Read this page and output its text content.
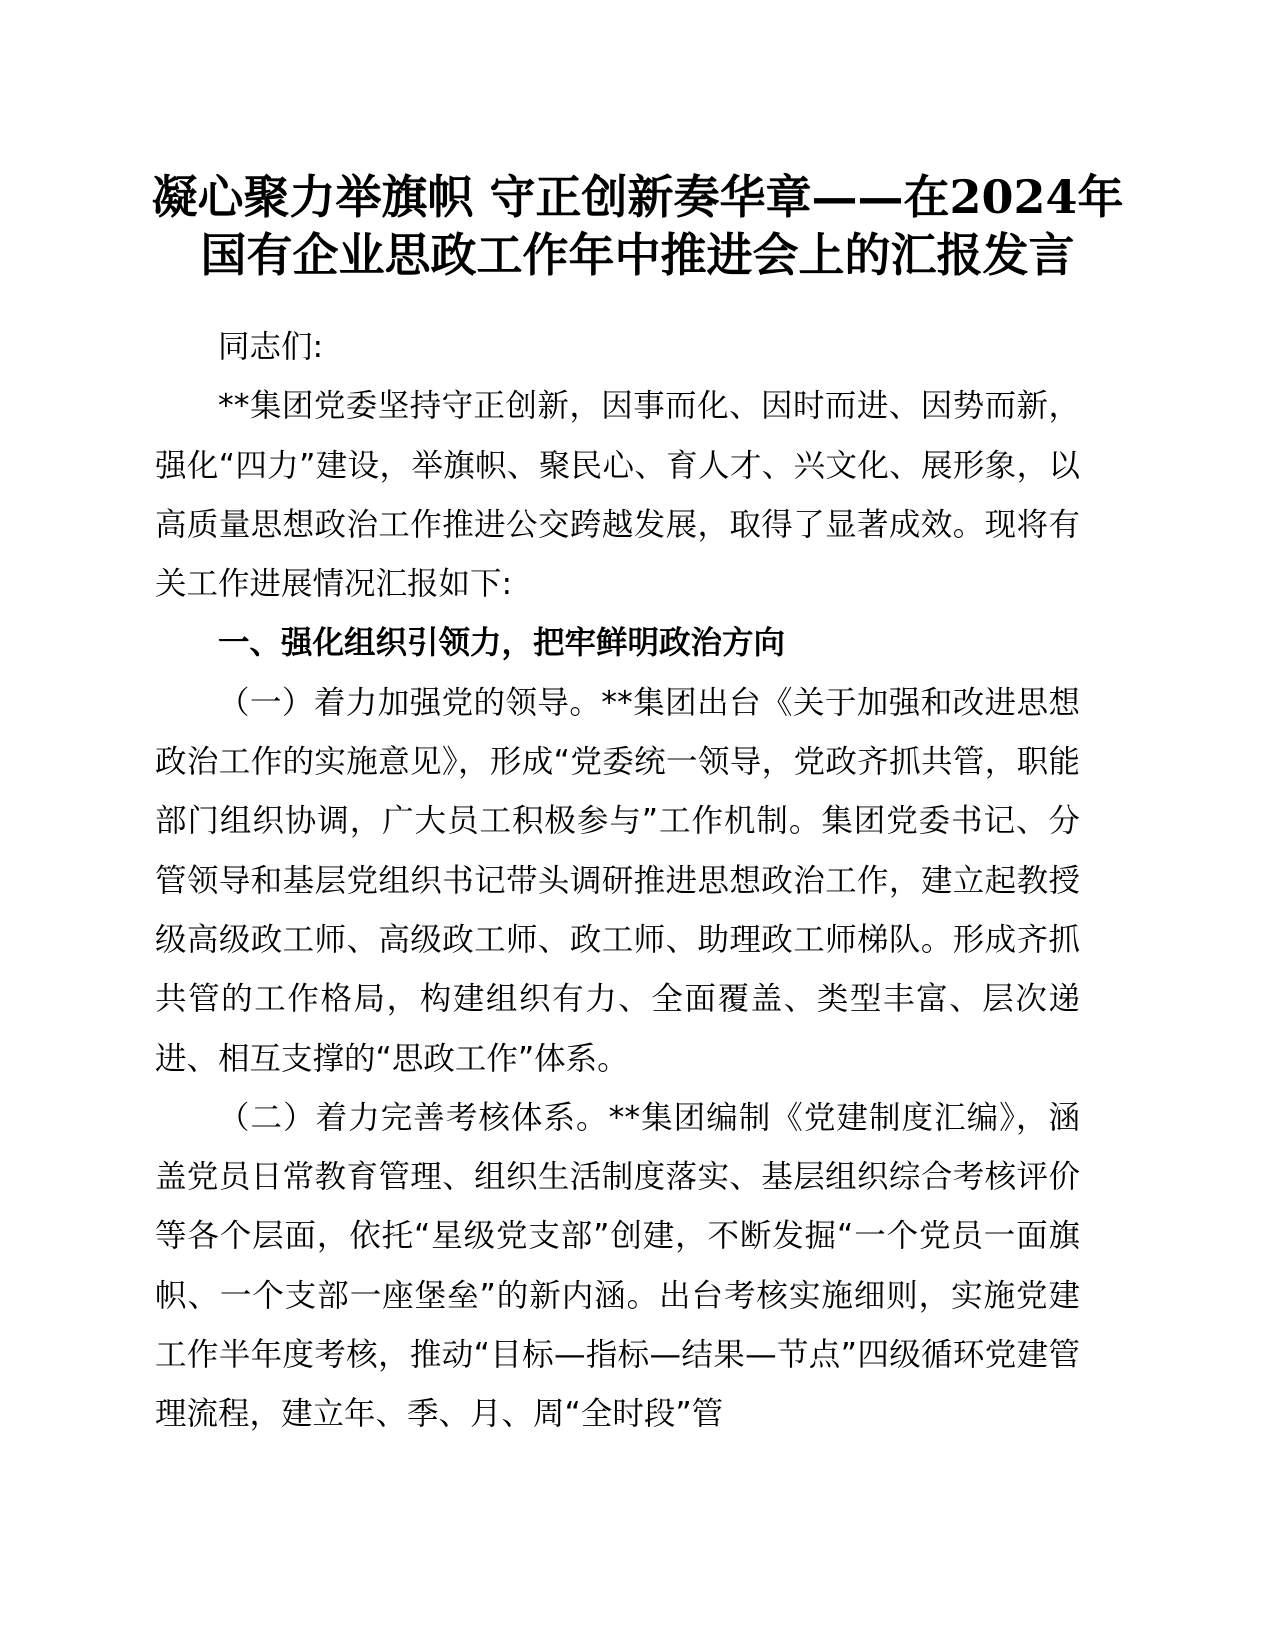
凝心聚力举旗帜 守正创新奏华章——在2024年
国有企业思政工作年中推进会上的汇报发言

同志们:

**集团党委坚持守正创新，因事而化、因时而进、因势而新，强化“四力”建设，举旗帜、聚民心、育人才、兴文化、展形象，以高质量思想政治工作推进公交跨越发展，取得了显著成效。现将有关工作进展情况汇报如下:

一、强化组织引领力，把牢鲜明政治方向

（一）着力加强党的领导。**集团出台《关于加强和改进思想政治工作的实施意见》，形成“党委统一领导，党政齐抓共管，职能部门组织协调，广大员工积极参与”工作机制。集团党委书记、分管领导和基层党组织书记带头调研推进思想政治工作，建立起教授级高级政工师、高级政工师、政工师、助理政工师梯队。形成齐抓共管的工作格局，构建组织有力、全面覆盖、类型丰富、层次递进、相互支撑的“思政工作”体系。

（二）着力完善考核体系。**集团编制《党建制度汇编》，涵盖党员日常教育管理、组织生活制度落实、基层组织综合考核评价等各个层面，依托“星级党支部”创建，不断发掘“一个党员一面旗帜、一个支部一座堡垒”的新内涵。出台考核实施细则，实施党建工作半年度考核，推动“目标—指标—结果—节点”四级循环党建管理流程，建立年、季、月、周“全时段”管
